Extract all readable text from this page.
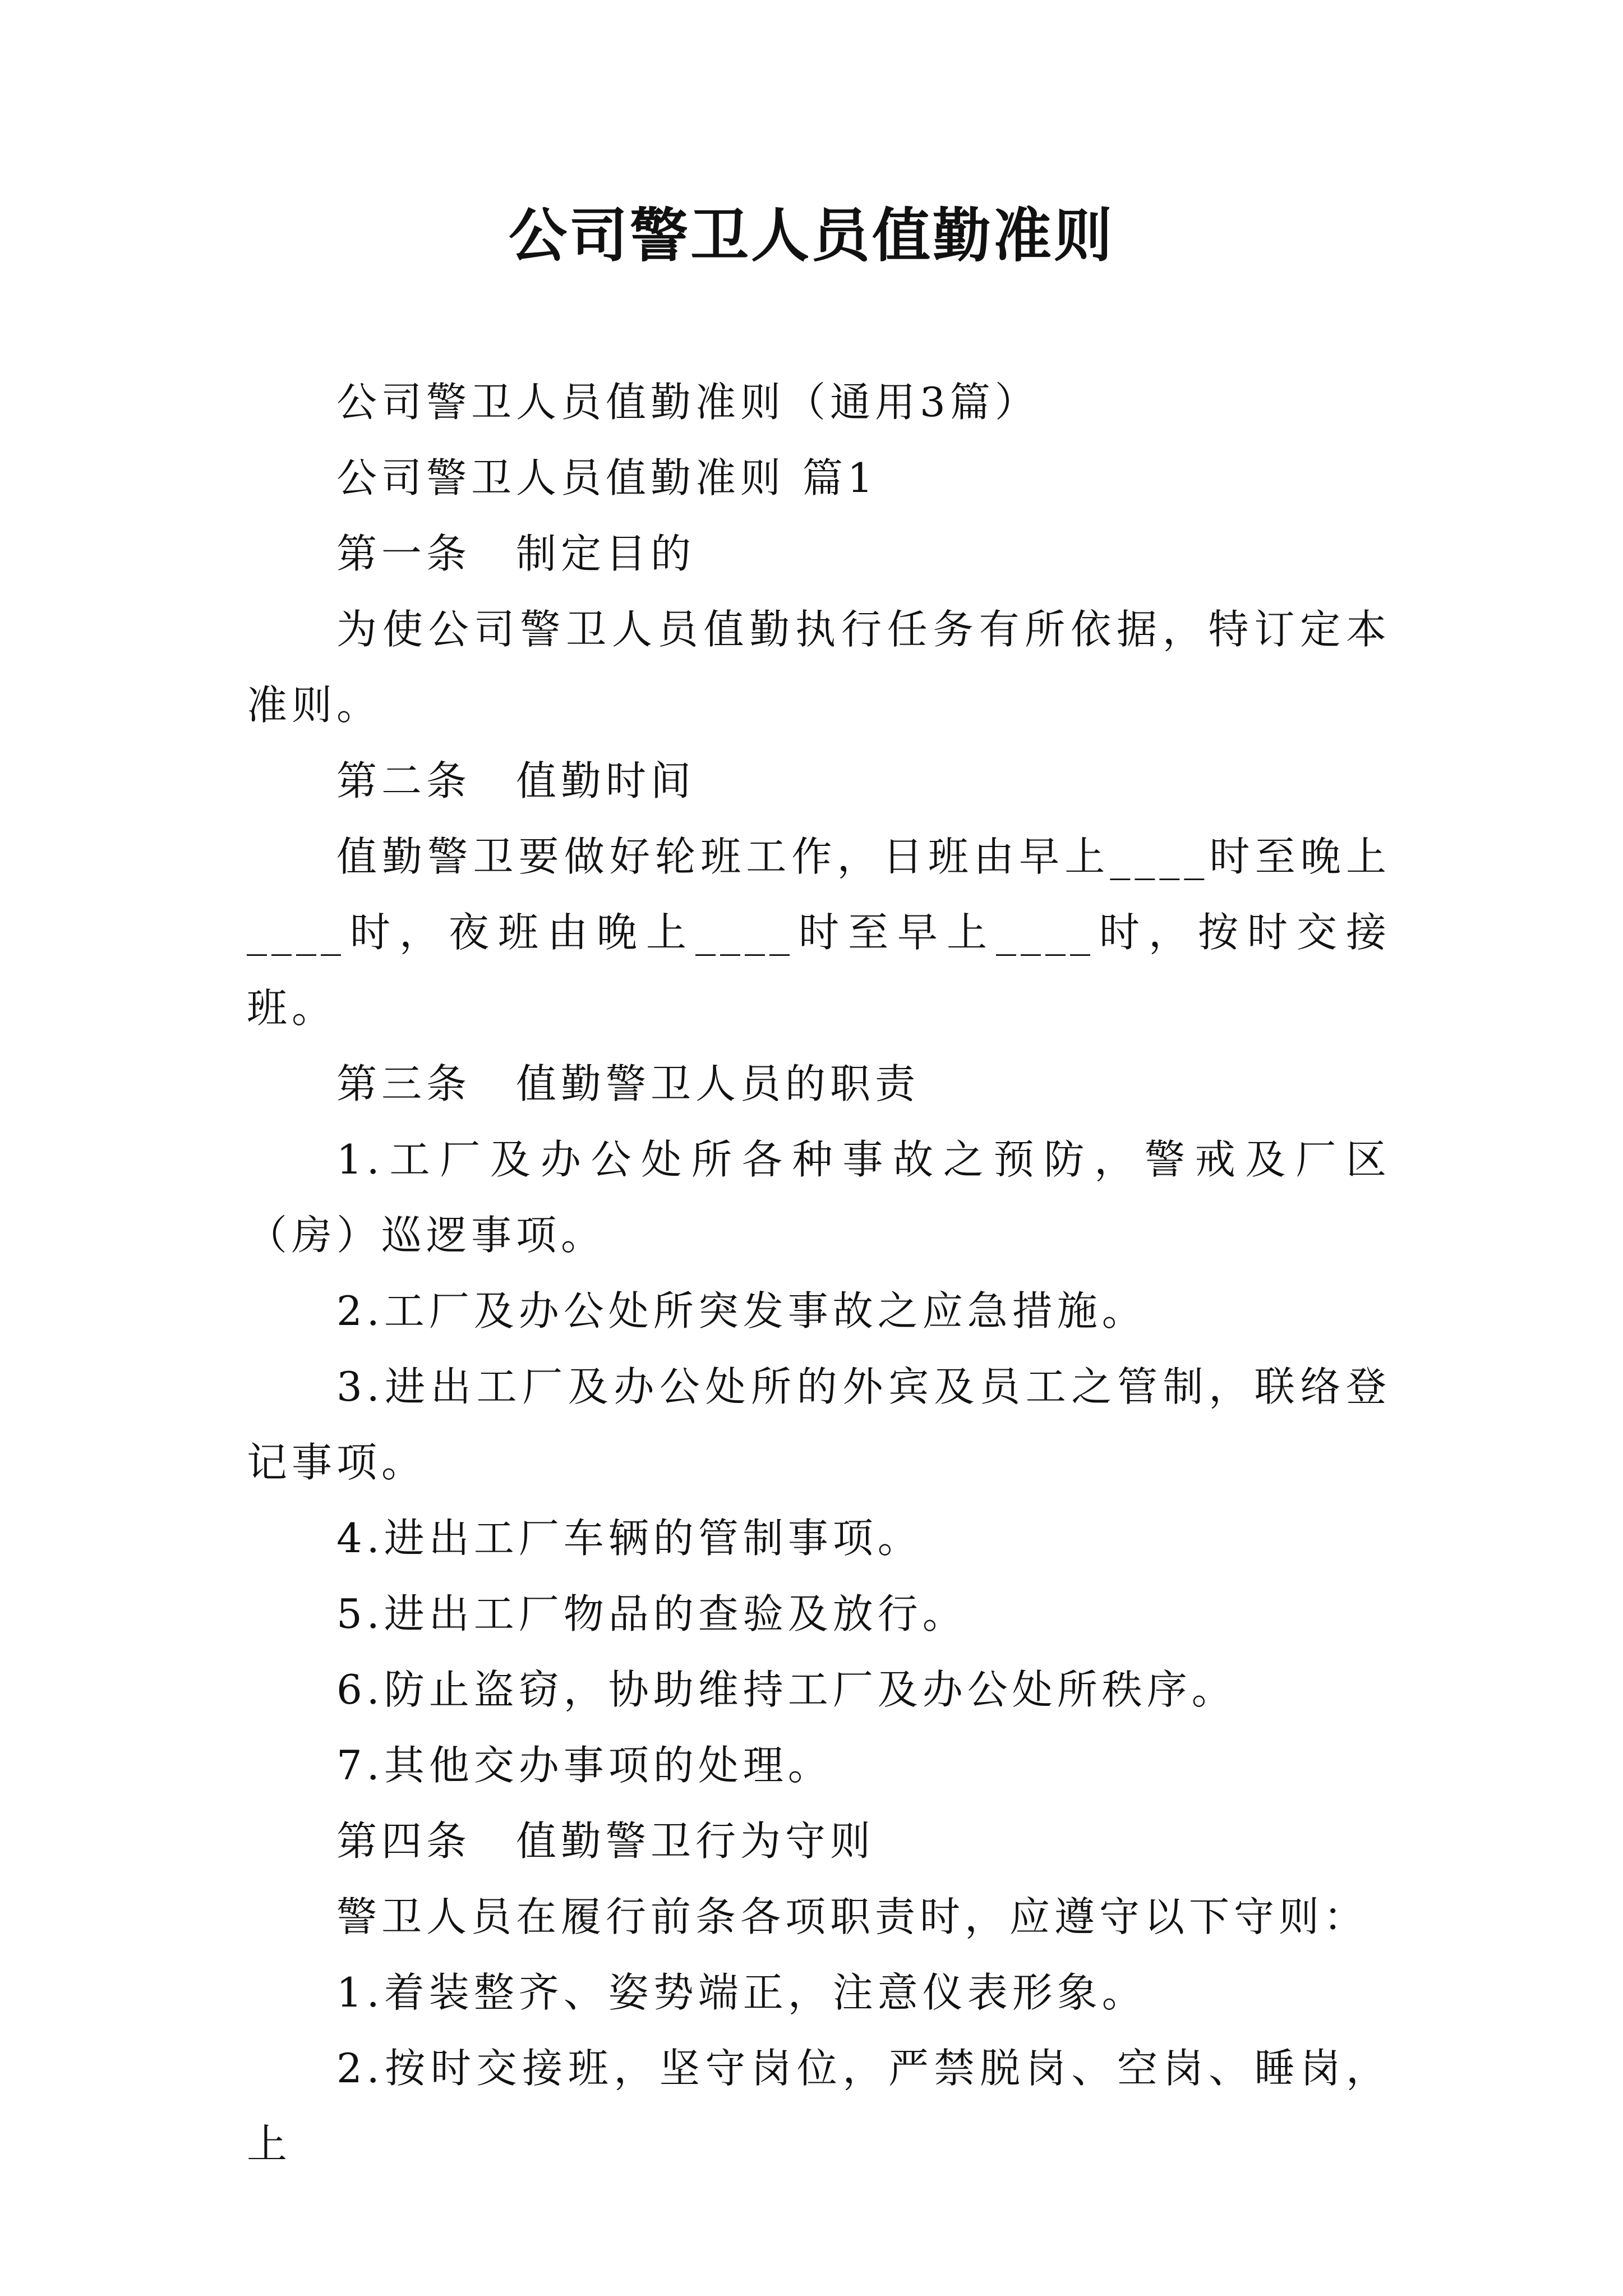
公司警卫人员值勤准则

公司警卫人员值勤准则（通用3篇）

公司警卫人员值勤准则 篇1

第一条　制定目的

为使公司警卫人员值勤执行任务有所依据，特订定本准则。

第二条　值勤时间

值勤警卫要做好轮班工作，日班由早上____时至晚上____时，夜班由晚上____时至早上____时，按时交接班。

第三条　值勤警卫人员的职责

1.工厂及办公处所各种事故之预防，警戒及厂区（房）巡逻事项。

2.工厂及办公处所突发事故之应急措施。

3.进出工厂及办公处所的外宾及员工之管制，联络登记事项。

4.进出工厂车辆的管制事项。

5.进出工厂物品的查验及放行。

6.防止盗窃，协助维持工厂及办公处所秩序。

7.其他交办事项的处理。

第四条　值勤警卫行为守则

警卫人员在履行前条各项职责时，应遵守以下守则：

1.着装整齐、姿势端正，注意仪表形象。

2.按时交接班，坚守岗位，严禁脱岗、空岗、睡岗，上
